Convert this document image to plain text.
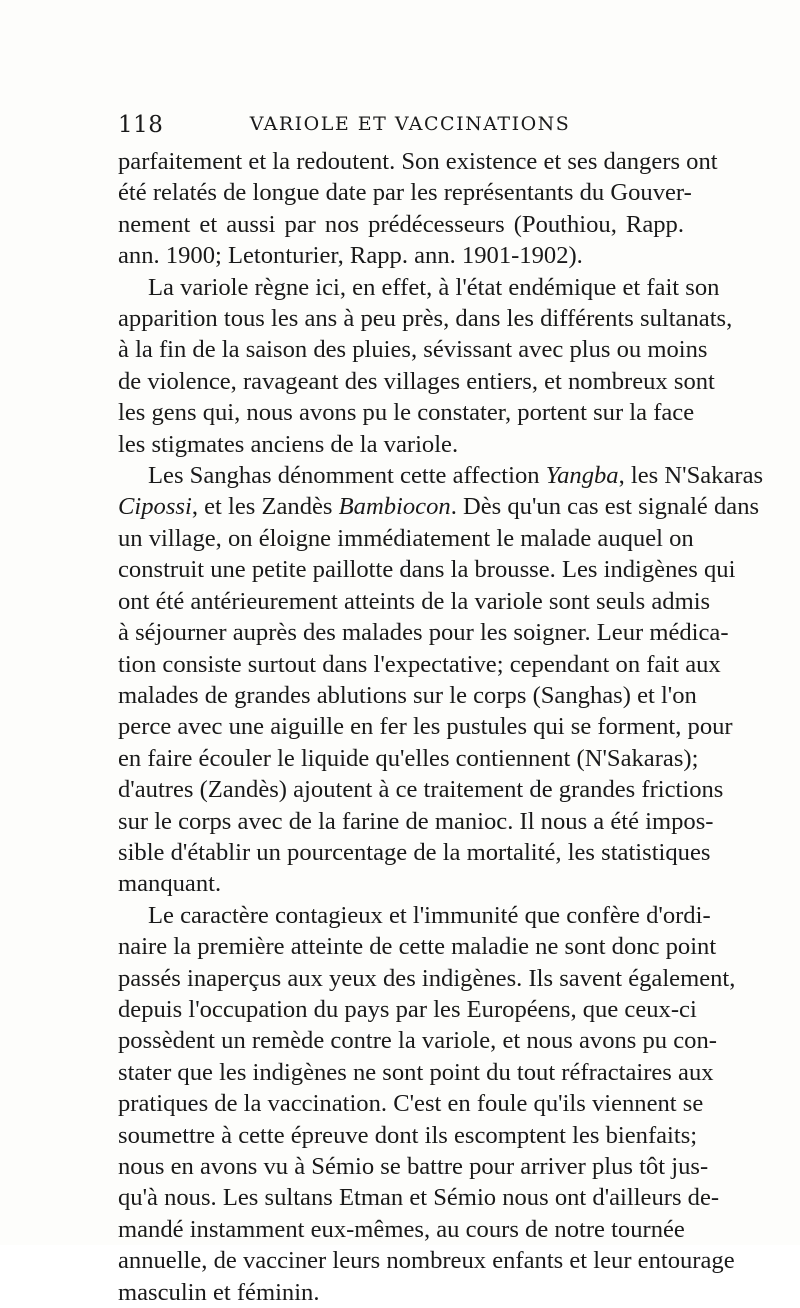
118	VARIOLE ET VACCINATIONS

parfaitement et la redoutent. Son existence et ses dangers ont
été relatés de longue date par les représentants du Gouver-
nement et aussi par nos prédécesseurs (Pouthiou, Rapp.
ann. 1900; Letonturier, Rapp. ann. 1901-1902).

La variole règne ici, en effet, à l'état endémique et fait son
apparition tous les ans à peu près, dans les différents sultanats,
à la fin de la saison des pluies, sévissant avec plus ou moins
de violence, ravageant des villages entiers, et nombreux sont
les gens qui, nous avons pu le constater, portent sur la face
les stigmates anciens de la variole.

Les Sanghas dénomment cette affection Yangba, les N'Sakaras
Cipossi, et les Zandès Bambiocon. Dès qu'un cas est signalé dans
un village, on éloigne immédiatement le malade auquel on
construit une petite paillotte dans la brousse. Les indigènes qui
ont été antérieurement atteints de la variole sont seuls admis
à séjourner auprès des malades pour les soigner. Leur médica-
tion consiste surtout dans l'expectative; cependant on fait aux
malades de grandes ablutions sur le corps (Sanghas) et l'on
perce avec une aiguille en fer les pustules qui se forment, pour
en faire écouler le liquide qu'elles contiennent (N'Sakaras);
d'autres (Zandès) ajoutent à ce traitement de grandes frictions
sur le corps avec de la farine de manioc. Il nous a été impos-
sible d'établir un pourcentage de la mortalité, les statistiques
manquant.

Le caractère contagieux et l'immunité que confère d'ordi-
naire la première atteinte de cette maladie ne sont donc point
passés inaperçus aux yeux des indigènes. Ils savent également,
depuis l'occupation du pays par les Européens, que ceux-ci
possèdent un remède contre la variole, et nous avons pu con-
stater que les indigènes ne sont point du tout réfractaires aux
pratiques de la vaccination. C'est en foule qu'ils viennent se
soumettre à cette épreuve dont ils escomptent les bienfaits;
nous en avons vu à Sémio se battre pour arriver plus tôt jus-
qu'à nous. Les sultans Etman et Sémio nous ont d'ailleurs de-
mandé instamment eux-mêmes, au cours de notre tournée
annuelle, de vacciner leurs nombreux enfants et leur entourage
masculin et féminin.
